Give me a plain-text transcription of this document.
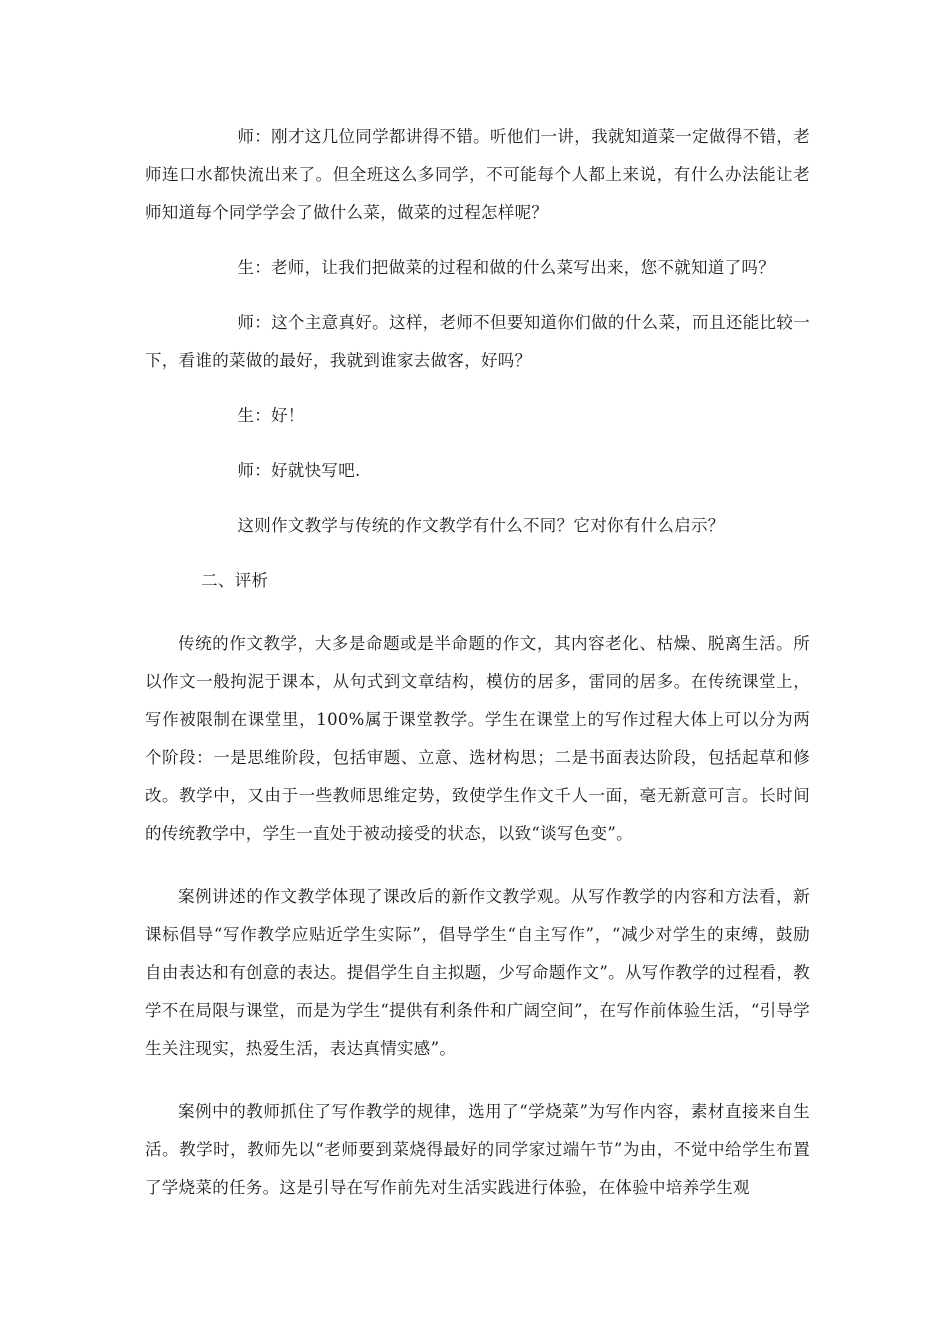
师：刚才这几位同学都讲得不错。听他们一讲，我就知道菜一定做得不错，老师连口水都快流出来了。但全班这么多同学，不可能每个人都上来说，有什么办法能让老师知道每个同学学会了做什么菜，做菜的过程怎样呢？

生：老师，让我们把做菜的过程和做的什么菜写出来，您不就知道了吗？

师：这个主意真好。这样，老师不但要知道你们做的什么菜，而且还能比较一下，看谁的菜做的最好，我就到谁家去做客，好吗？

生：好！

师：好就快写吧.

这则作文教学与传统的作文教学有什么不同？它对你有什么启示？

二、评析

传统的作文教学，大多是命题或是半命题的作文，其内容老化、枯燥、脱离生活。所以作文一般拘泥于课本，从句式到文章结构，模仿的居多，雷同的居多。在传统课堂上，写作被限制在课堂里，100%属于课堂教学。学生在课堂上的写作过程大体上可以分为两个阶段：一是思维阶段，包括审题、立意、选材构思；二是书面表达阶段，包括起草和修改。教学中，又由于一些教师思维定势，致使学生作文千人一面，毫无新意可言。长时间的传统教学中，学生一直处于被动接受的状态，以致“谈写色变”。

案例讲述的作文教学体现了课改后的新作文教学观。从写作教学的内容和方法看，新课标倡导“写作教学应贴近学生实际”，倡导学生“自主写作”，“减少对学生的束缚，鼓励自由表达和有创意的表达。提倡学生自主拟题，少写命题作文”。从写作教学的过程看，教学不在局限与课堂，而是为学生“提供有利条件和广阔空间”，在写作前体验生活，“引导学生关注现实，热爱生活，表达真情实感”。

案例中的教师抓住了写作教学的规律，选用了“学烧菜”为写作内容，素材直接来自生活。教学时，教师先以“老师要到菜烧得最好的同学家过端午节”为由，不觉中给学生布置了学烧菜的任务。这是引导在写作前先对生活实践进行体验，在体验中培养学生观
